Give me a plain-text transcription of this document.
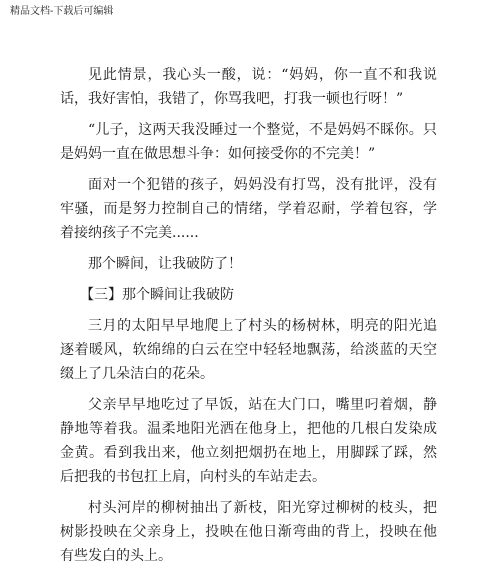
精品文档-下载后可编辑

见此情景，我心头一酸，说：“妈妈，你一直不和我说话，我好害怕，我错了，你骂我吧，打我一顿也行呀！”

“儿子，这两天我没睡过一个整觉，不是妈妈不睬你。只是妈妈一直在做思想斗争：如何接受你的不完美！”

面对一个犯错的孩子，妈妈没有打骂，没有批评，没有牢骚，而是努力控制自己的情绪，学着忍耐，学着包容，学着接纳孩子不完美......

那个瞬间，让我破防了！

【三】那个瞬间让我破防

三月的太阳早早地爬上了村头的杨树林，明亮的阳光追逐着暖风，软绵绵的白云在空中轻轻地飘荡，给淡蓝的天空缀上了几朵洁白的花朵。

父亲早早地吃过了早饭，站在大门口，嘴里叼着烟，静静地等着我。温柔地阳光洒在他身上，把他的几根白发染成金黄。看到我出来，他立刻把烟扔在地上，用脚踩了踩，然后把我的书包扛上肩，向村头的车站走去。

村头河岸的柳树抽出了新枝，阳光穿过柳树的枝头，把树影投映在父亲身上，投映在他日渐弯曲的背上，投映在他有些发白的头上。
